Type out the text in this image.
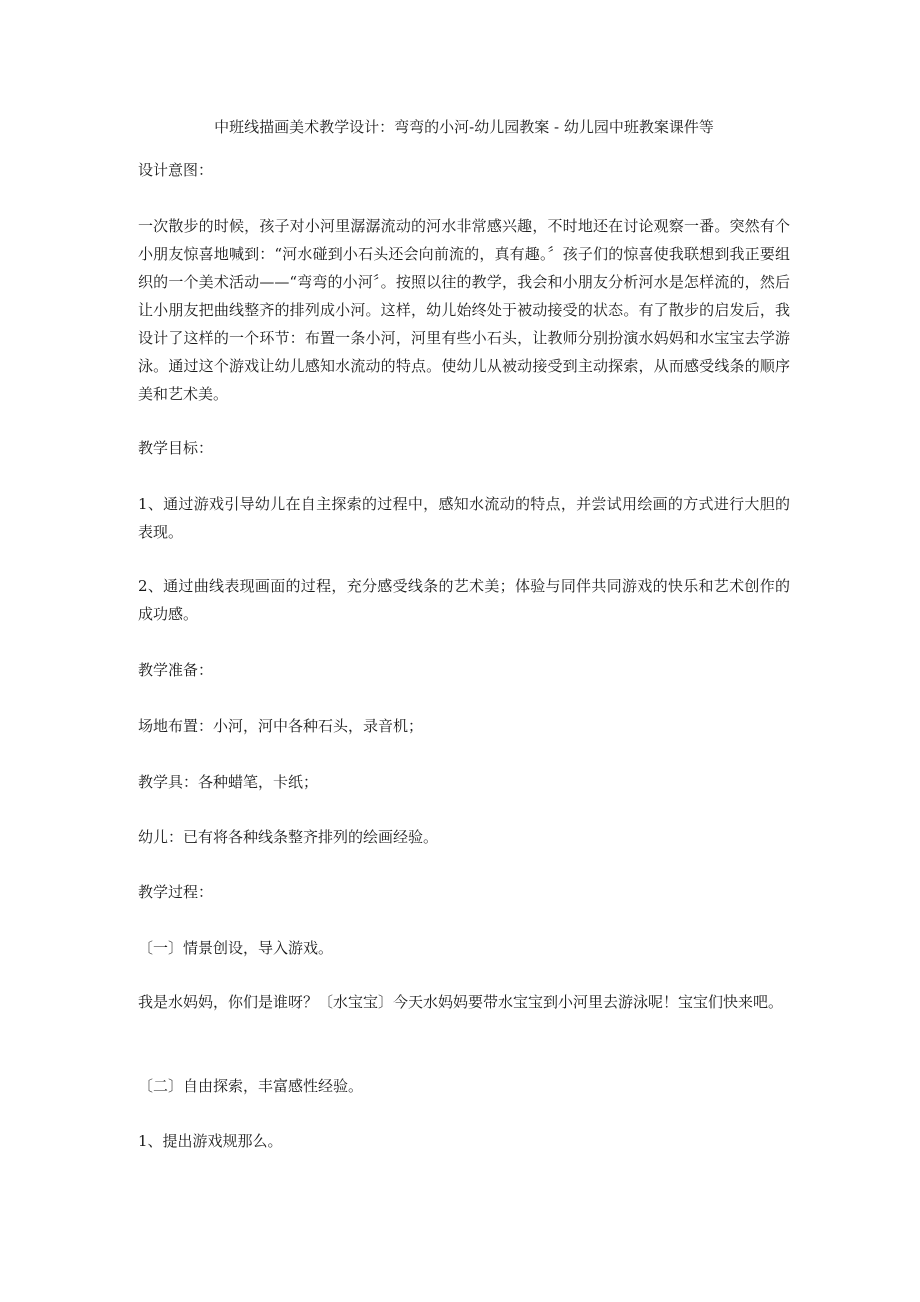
中班线描画美术教学设计：弯弯的小河-幼儿园教案 - 幼儿园中班教案课件等

设计意图：

一次散步的时候，孩子对小河里潺潺流动的河水非常感兴趣，不时地还在讨论观察一番。突然有个小朋友惊喜地喊到：“河水碰到小石头还会向前流的，真有趣。〞孩子们的惊喜使我联想到我正要组织的一个美术活动——“弯弯的小河〞。按照以往的教学，我会和小朋友分析河水是怎样流的，然后让小朋友把曲线整齐的排列成小河。这样，幼儿始终处于被动接受的状态。有了散步的启发后，我设计了这样的一个环节：布置一条小河，河里有些小石头，让教师分别扮演水妈妈和水宝宝去学游泳。通过这个游戏让幼儿感知水流动的特点。使幼儿从被动接受到主动探索，从而感受线条的顺序美和艺术美。

教学目标：

1、通过游戏引导幼儿在自主探索的过程中，感知水流动的特点，并尝试用绘画的方式进行大胆的表现。

2、通过曲线表现画面的过程，充分感受线条的艺术美；体验与同伴共同游戏的快乐和艺术创作的成功感。

教学准备：

场地布置：小河，河中各种石头，录音机；

教学具：各种蜡笔，卡纸；

幼儿：已有将各种线条整齐排列的绘画经验。

教学过程：

〔一〕情景创设，导入游戏。

我是水妈妈，你们是谁呀？〔水宝宝〕今天水妈妈要带水宝宝到小河里去游泳呢！宝宝们快来吧。

〔二〕自由探索，丰富感性经验。

1、提出游戏规那么。
